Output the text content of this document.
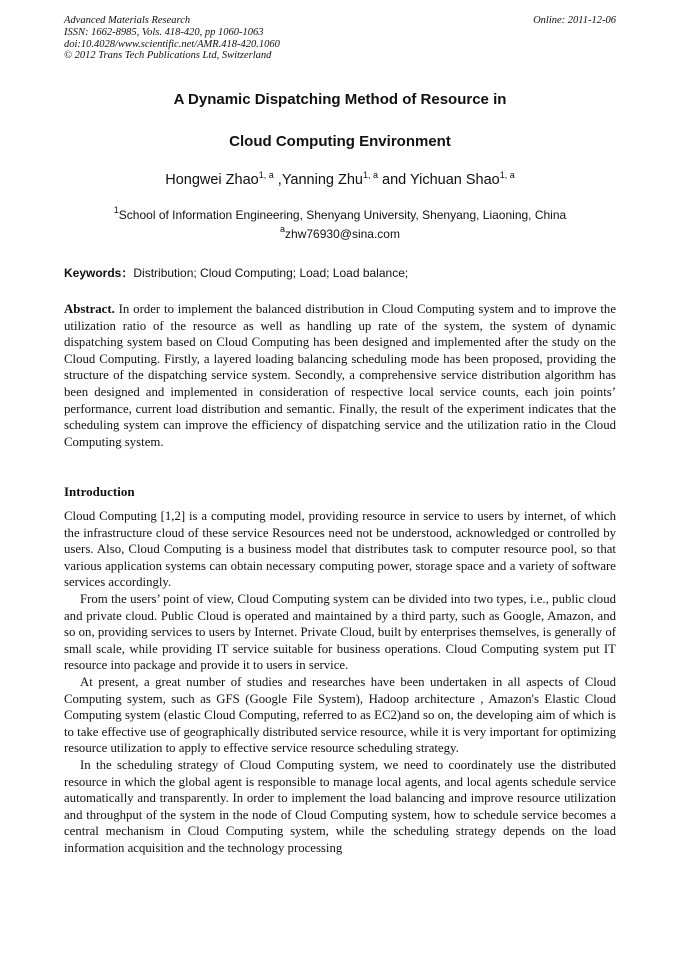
Advanced Materials Research	Online: 2011-12-06
ISSN: 1662-8985, Vols. 418-420, pp 1060-1063
doi:10.4028/www.scientific.net/AMR.418-420.1060
© 2012 Trans Tech Publications Ltd, Switzerland
A Dynamic Dispatching Method of Resource in
Cloud Computing Environment
Hongwei Zhao$^{1, a}$ ,Yanning Zhu$^{1, a}$ and Yichuan Shao$^{1, a}$
$^1$School of Information Engineering, Shenyang University, Shenyang, Liaoning, China
$^a$zhw76930@sina.com
Keywords：Distribution; Cloud Computing; Load; Load balance;
Abstract. In order to implement the balanced distribution in Cloud Computing system and to improve the utilization ratio of the resource as well as handling up rate of the system, the system of dynamic dispatching system based on Cloud Computing has been designed and implemented after the study on the Cloud Computing. Firstly, a layered loading balancing scheduling mode has been proposed, providing the structure of the dispatching service system. Secondly, a comprehensive service distribution algorithm has been designed and implemented in consideration of respective local service counts, each join points’ performance, current load distribution and semantic. Finally, the result of the experiment indicates that the scheduling system can improve the efficiency of dispatching service and the utilization ratio in the Cloud Computing system.
Introduction

Cloud Computing [1,2] is a computing model, providing resource in service to users by internet, of which the infrastructure cloud of these service Resources need not be understood, acknowledged or controlled by users. Also, Cloud Computing is a business model that distributes task to computer resource pool, so that various application systems can obtain necessary computing power, storage space and a variety of software services accordingly.

From the users’ point of view, Cloud Computing system can be divided into two types, i.e., public cloud and private cloud. Public Cloud is operated and maintained by a third party, such as Google, Amazon, and so on, providing services to users by Internet. Private Cloud, built by enterprises themselves, is generally of small scale, while providing IT service suitable for business operations. Cloud Computing system put IT resource into package and provide it to users in service.

At present, a great number of studies and researches have been undertaken in all aspects of Cloud Computing system, such as GFS (Google File System), Hadoop architecture , Amazon's Elastic Cloud Computing system (elastic Cloud Computing, referred to as EC2)and so on, the developing aim of which is to take effective use of geographically distributed service resource, while it is very important for optimizing resource utilization to apply to effective service resource scheduling strategy.

In the scheduling strategy of Cloud Computing system, we need to coordinately use the distributed resource in which the global agent is responsible to manage local agents, and local agents schedule service automatically and transparently. In order to implement the load balancing and improve resource utilization and throughput of the system in the node of Cloud Computing system, how to schedule service becomes a central mechanism in Cloud Computing system, while the scheduling strategy depends on the load information acquisition and the technology processing
